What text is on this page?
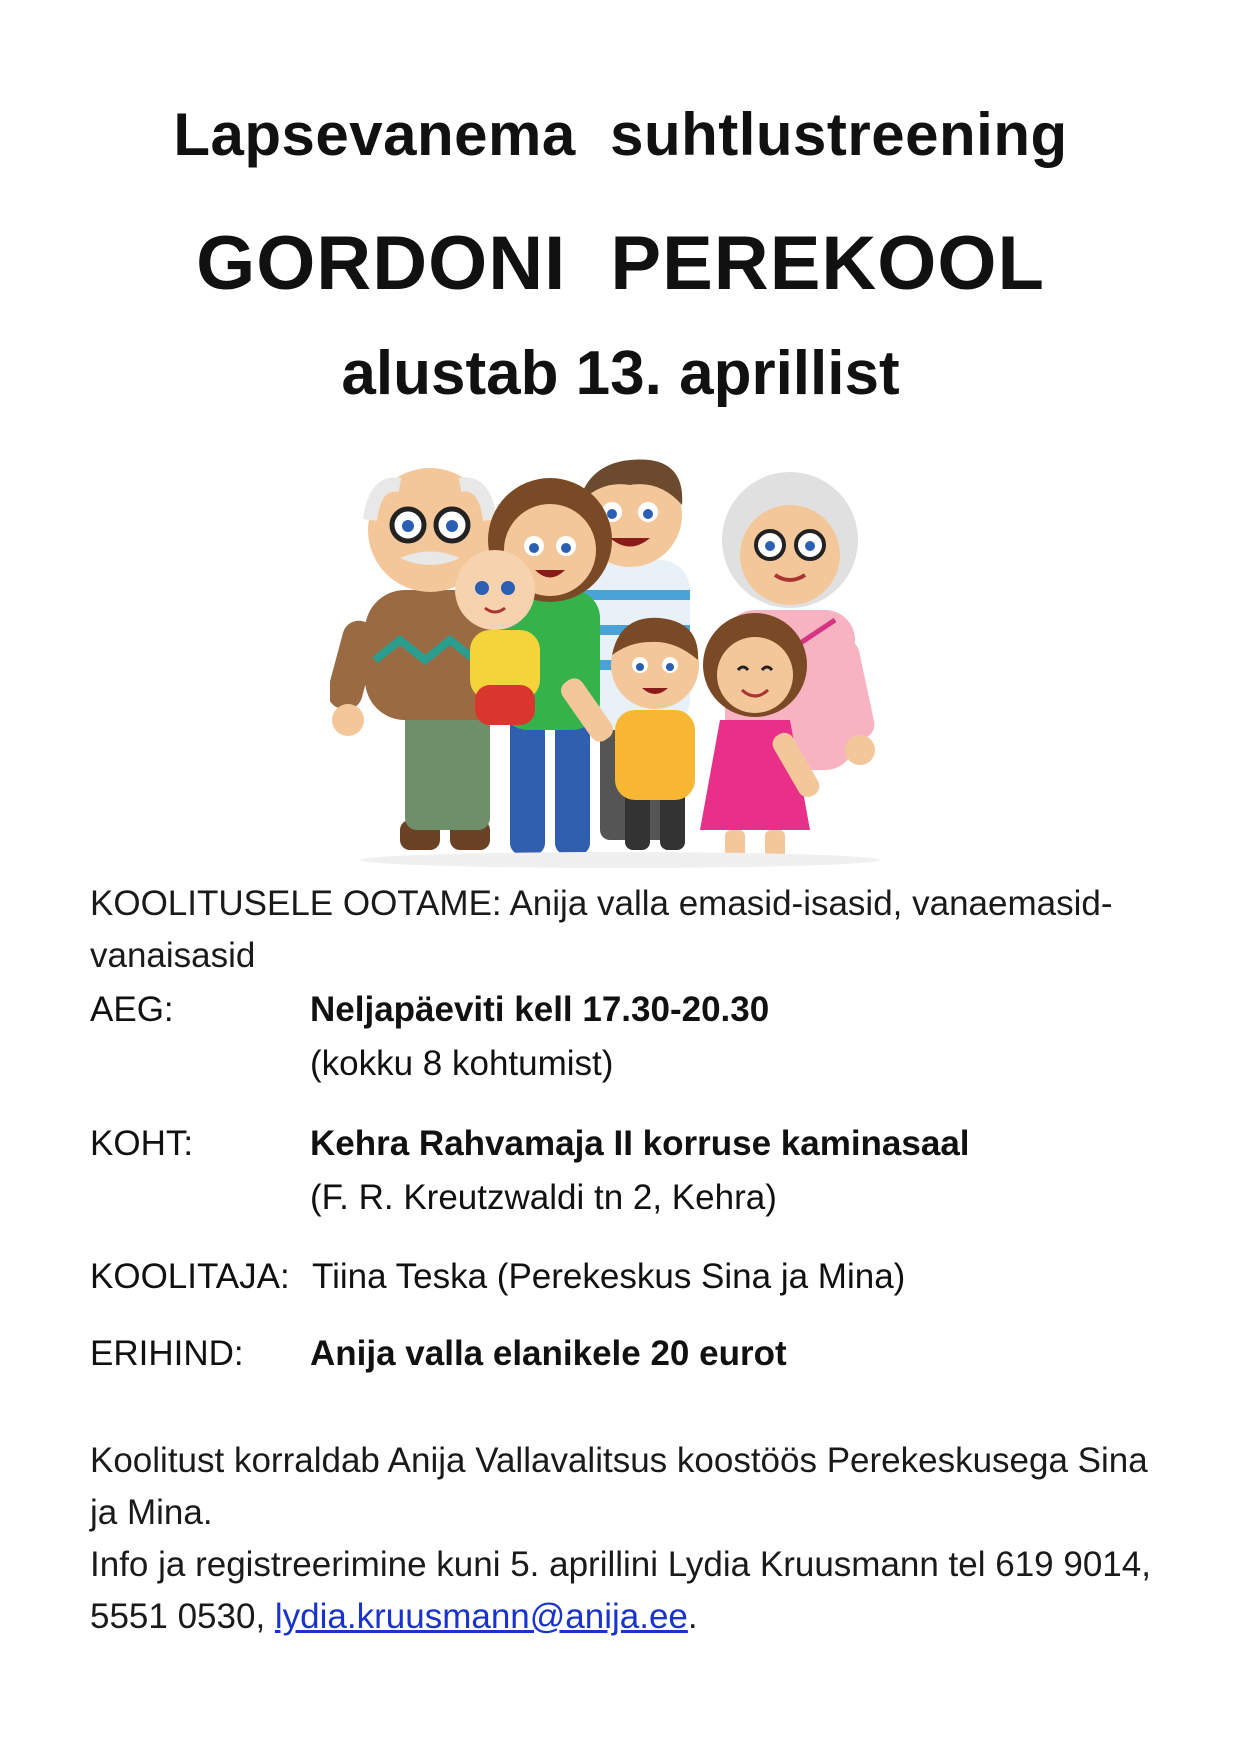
Lapsevanema  suhtlustreening
GORDONI  PEREKOOL
alustab 13. aprillist
KOOLITUSELE OOTAME: Anija valla emasid-isasid, vanaemasid-vanaisasid
AEG:	Neljapäeviti kell 17.30-20.30
(kokku 8 kohtumist)
KOHT:	Kehra Rahvamaja II korruse kaminasaal
(F. R. Kreutzwaldi tn 2, Kehra)
KOOLITAJA: Tiina Teska (Perekeskus Sina ja Mina)
ERIHIND: Anija valla elanikele 20 eurot
Koolitust korraldab Anija Vallavalitsus koostöös Perekeskusega Sina ja Mina.
Info ja registreerimine kuni 5. aprillini Lydia Kruusmann tel 619 9014, 5551 0530, lydia.kruusmann@anija.ee.
